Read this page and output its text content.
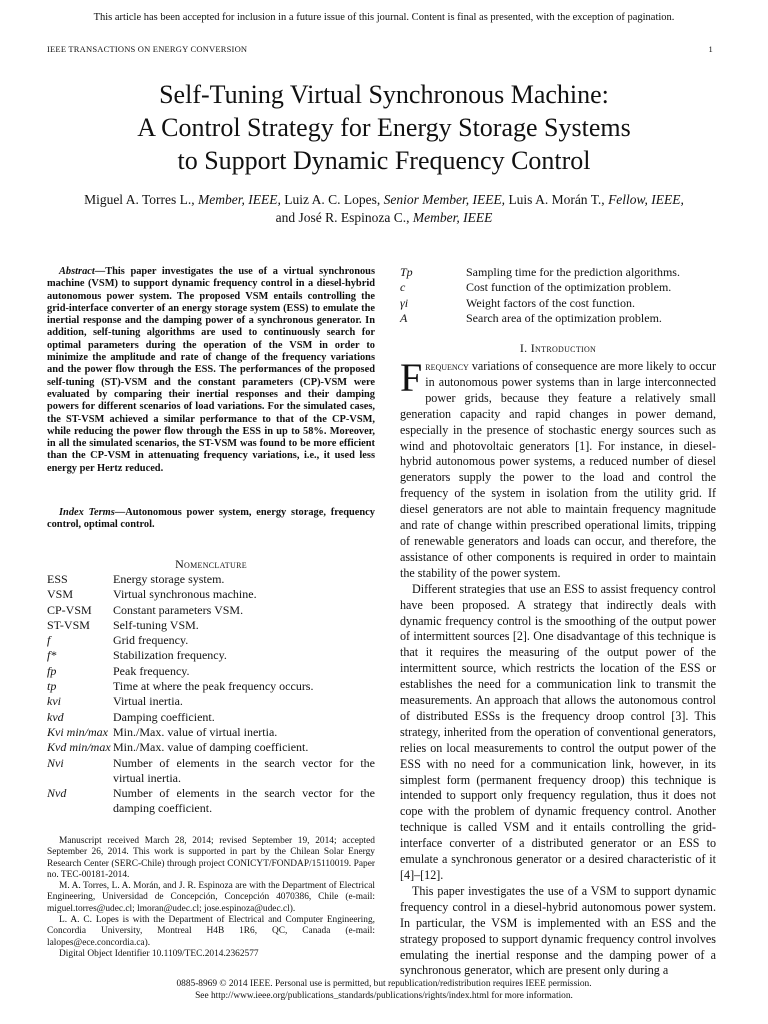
This article has been accepted for inclusion in a future issue of this journal. Content is final as presented, with the exception of pagination.
IEEE TRANSACTIONS ON ENERGY CONVERSION	1
Self-Tuning Virtual Synchronous Machine:
A Control Strategy for Energy Storage Systems
to Support Dynamic Frequency Control
Miguel A. Torres L., Member, IEEE, Luiz A. C. Lopes, Senior Member, IEEE, Luis A. Morán T., Fellow, IEEE,
and José R. Espinoza C., Member, IEEE
Abstract—This paper investigates the use of a virtual synchronous machine (VSM) to support dynamic frequency control in a diesel-hybrid autonomous power system. The proposed VSM entails controlling the grid-interface converter of an energy storage system (ESS) to emulate the inertial response and the damping power of a synchronous generator. In addition, self-tuning algorithms are used to continuously search for optimal parameters during the operation of the VSM in order to minimize the amplitude and rate of change of the frequency variations and the power flow through the ESS. The performances of the proposed self-tuning (ST)-VSM and the constant parameters (CP)-VSM were evaluated by comparing their inertial responses and their damping powers for different scenarios of load variations. For the simulated cases, the ST-VSM achieved a similar performance to that of the CP-VSM, while reducing the power flow through the ESS in up to 58%. Moreover, in all the simulated scenarios, the ST-VSM was found to be more efficient than the CP-VSM in attenuating frequency variations, i.e., it used less energy per Hertz reduced.
Index Terms—Autonomous power system, energy storage, frequency control, optimal control.
Nomenclature
ESS	Energy storage system.
VSM	Virtual synchronous machine.
CP-VSM	Constant parameters VSM.
ST-VSM	Self-tuning VSM.
f	Grid frequency.
f*	Stabilization frequency.
fp	Peak frequency.
tp	Time at where the peak frequency occurs.
kvi	Virtual inertia.
kvd	Damping coefficient.
Kvi min/max	Min./Max. value of virtual inertia.
Kvd min/max	Min./Max. value of damping coefficient.
Nvi	Number of elements in the search vector for the virtual inertia.
Nvd	Number of elements in the search vector for the damping coefficient.

Manuscript received March 28, 2014; revised September 19, 2014; accepted September 26, 2014. This work is supported in part by the Chilean Solar Energy Research Center (SERC-Chile) through project CONICYT/FONDAP/15110019. Paper no. TEC-00181-2014.

M. A. Torres, L. A. Morán, and J. R. Espinoza are with the Department of Electrical Engineering, Universidad de Concepción, Concepción 4070386, Chile (e-mail: miguel.torres@udec.cl; lmoran@udec.cl; jose.espinoza@udec.cl).

L. A. C. Lopes is with the Department of Electrical and Computer Engineering, Concordia University, Montreal H4B 1R6, QC, Canada (e-mail: lalopes@ece.concordia.ca).

Digital Object Identifier 10.1109/TEC.2014.2362577

Tp	Sampling time for the prediction algorithms.
c	Cost function of the optimization problem.
γi	Weight factors of the cost function.
A	Search area of the optimization problem.
I. Introduction

Frequency variations of consequence are more likely to occur in autonomous power systems than in large interconnected power grids, because they feature a relatively small generation capacity and rapid changes in power demand, especially in the presence of stochastic energy sources such as wind and photovoltaic generators [1]. For instance, in diesel-hybrid autonomous power systems, a reduced number of diesel generators supply the power to the load and control the frequency of the system in isolation from the utility grid. If diesel generators are not able to maintain frequency magnitude and rate of change within prescribed operational limits, tripping of renewable generators and loads can occur, and therefore, the assistance of other components is required in order to maintain the stability of the power system.

Different strategies that use an ESS to assist frequency control have been proposed. A strategy that indirectly deals with dynamic frequency control is the smoothing of the output power of intermittent sources [2]. One disadvantage of this technique is that it requires the measuring of the output power of the intermittent source, which restricts the location of the ESS or establishes the need for a communication link to transmit the measurements. An approach that allows the autonomous control of distributed ESSs is the frequency droop control [3]. This strategy, inherited from the operation of conventional generators, relies on local measurements to control the output power of the ESS with no need for a communication link, however, in its simplest form (permanent frequency droop) this technique is intended to support only frequency regulation, thus it does not cope with the problem of dynamic frequency control. Another technique is called VSM and it entails controlling the grid-interface converter of a distributed generator or an ESS to emulate a synchronous generator or a desired characteristic of it [4]–[12].

This paper investigates the use of a VSM to support dynamic frequency control in a diesel-hybrid autonomous power system. In particular, the VSM is implemented with an ESS and the strategy proposed to support dynamic frequency control involves emulating the inertial response and the damping power of a synchronous generator, which are present only during a

0885-8969 © 2014 IEEE. Personal use is permitted, but republication/redistribution requires IEEE permission.
See http://www.ieee.org/publications_standards/publications/rights/index.html for more information.
